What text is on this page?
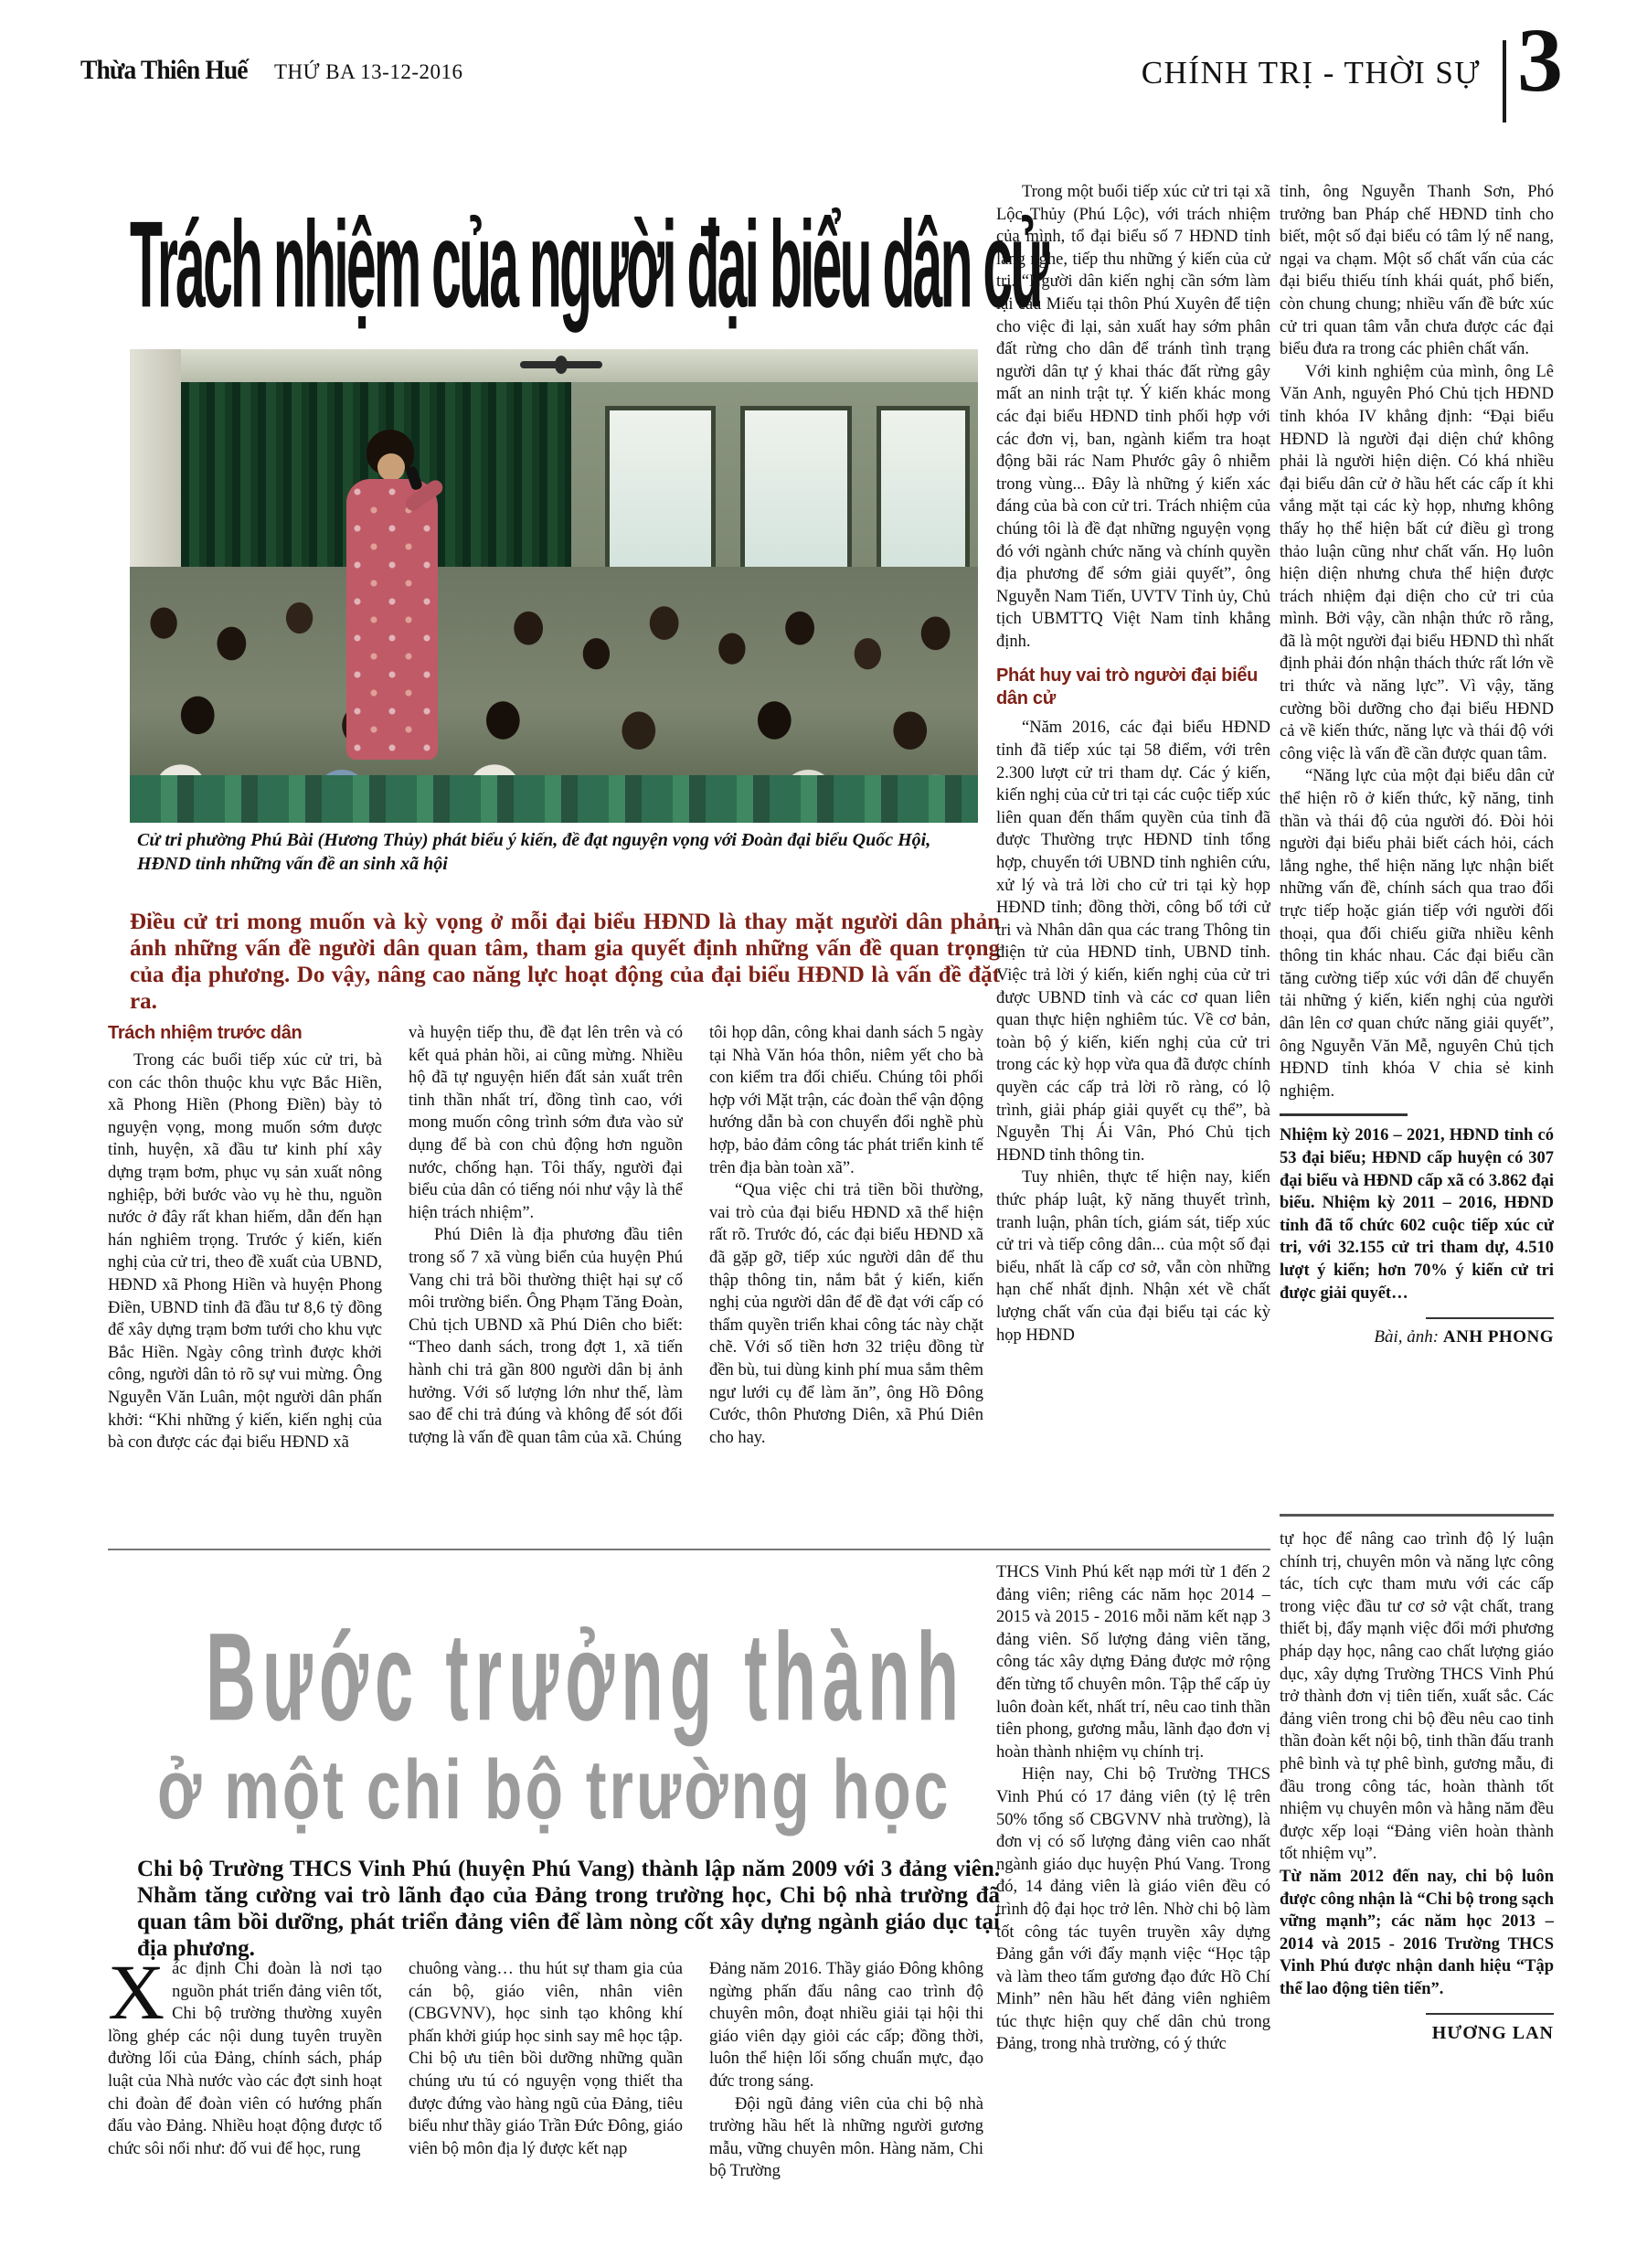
Thừa Thiên Huế THỨ BA 13-12-2016	CHÍNH TRỊ - THỜI SỰ 3
Trách nhiệm của người đại biểu dân cử
Cử tri phường Phú Bài (Hương Thủy) phát biểu ý kiến, đề đạt nguyện vọng với Đoàn đại biểu Quốc Hội, HĐND tỉnh những vấn đề an sinh xã hội
Điều cử tri mong muốn và kỳ vọng ở mỗi đại biểu HĐND là thay mặt người dân phản ánh những vấn đề người dân quan tâm, tham gia quyết định những vấn đề quan trọng của địa phương. Do vậy, nâng cao năng lực hoạt động của đại biểu HĐND là vấn đề đặt ra.
Trách nhiệm trước dân

Trong các buổi tiếp xúc cử tri, bà con các thôn thuộc khu vực Bắc Hiền, xã Phong Hiền (Phong Điền) bày tỏ nguyện vọng, mong muốn sớm được tỉnh, huyện, xã đầu tư kinh phí xây dựng trạm bơm, phục vụ sản xuất nông nghiệp, bởi bước vào vụ hè thu, nguồn nước ở đây rất khan hiếm, dẫn đến hạn hán nghiêm trọng. Trước ý kiến, kiến nghị của cử tri, theo đề xuất của UBND, HĐND xã Phong Hiền và huyện Phong Điền, UBND tỉnh đã đầu tư 8,6 tỷ đồng để xây dựng trạm bơm tưới cho khu vực Bắc Hiền. Ngày công trình được khởi công, người dân tỏ rõ sự vui mừng. Ông Nguyễn Văn Luân, một người dân phấn khởi: “Khi những ý kiến, kiến nghị của bà con được các đại biểu HĐND xã

và huyện tiếp thu, đề đạt lên trên và có kết quả phản hồi, ai cũng mừng. Nhiều hộ đã tự nguyện hiến đất sản xuất trên tinh thần nhất trí, đồng tình cao, với mong muốn công trình sớm đưa vào sử dụng để bà con chủ động hơn nguồn nước, chống hạn. Tôi thấy, người đại biểu của dân có tiếng nói như vậy là thể hiện trách nhiệm”.

Phú Diên là địa phương đầu tiên trong số 7 xã vùng biển của huyện Phú Vang chi trả bồi thường thiệt hại sự cố môi trường biển. Ông Phạm Tăng Đoàn, Chủ tịch UBND xã Phú Diên cho biết: “Theo danh sách, trong đợt 1, xã tiến hành chi trả gần 800 người dân bị ảnh hưởng. Với số lượng lớn như thế, làm sao để chi trả đúng và không để sót đối tượng là vấn đề quan tâm của xã. Chúng

tôi họp dân, công khai danh sách 5 ngày tại Nhà Văn hóa thôn, niêm yết cho bà con kiểm tra đối chiếu. Chúng tôi phối hợp với Mặt trận, các đoàn thể vận động hướng dẫn bà con chuyển đổi nghề phù hợp, bảo đảm công tác phát triển kinh tế trên địa bàn toàn xã”.

“Qua việc chi trả tiền bồi thường, vai trò của đại biểu HĐND xã thể hiện rất rõ. Trước đó, các đại biểu HĐND xã đã gặp gỡ, tiếp xúc người dân để thu thập thông tin, nắm bắt ý kiến, kiến nghị của người dân để đề đạt với cấp có thẩm quyền triển khai công tác này chặt chẽ. Với số tiền hơn 32 triệu đồng từ đền bù, tui dùng kinh phí mua sắm thêm ngư lưới cụ để làm ăn”, ông Hồ Đông Cước, thôn Phương Diên, xã Phú Diên cho hay.

Trong một buổi tiếp xúc cử tri tại xã Lộc Thủy (Phú Lộc), với trách nhiệm của mình, tổ đại biểu số 7 HĐND tỉnh lắng nghe, tiếp thu những ý kiến của cử tri. “Người dân kiến nghị cần sớm làm lại cầu Miếu tại thôn Phú Xuyên để tiện cho việc đi lại, sản xuất hay sớm phân đất rừng cho dân để tránh tình trạng người dân tự ý khai thác đất rừng gây mất an ninh trật tự. Ý kiến khác mong các đại biểu HĐND tỉnh phối hợp với các đơn vị, ban, ngành kiểm tra hoạt động bãi rác Nam Phước gây ô nhiễm trong vùng... Đây là những ý kiến xác đáng của bà con cử tri. Trách nhiệm của chúng tôi là đề đạt những nguyện vọng đó với ngành chức năng và chính quyền địa phương để sớm giải quyết”, ông Nguyễn Nam Tiến, UVTV Tỉnh ủy, Chủ tịch UBMTTQ Việt Nam tỉnh khẳng định.

Phát huy vai trò người đại biểu dân cử

“Năm 2016, các đại biểu HĐND tỉnh đã tiếp xúc tại 58 điểm, với trên 2.300 lượt cử tri tham dự. Các ý kiến, kiến nghị của cử tri tại các cuộc tiếp xúc liên quan đến thẩm quyền của tỉnh đã được Thường trực HĐND tỉnh tổng hợp, chuyển tới UBND tỉnh nghiên cứu, xử lý và trả lời cho cử tri tại kỳ họp HĐND tỉnh; đồng thời, công bố tới cử tri và Nhân dân qua các trang Thông tin điện tử của HĐND tỉnh, UBND tỉnh. Việc trả lời ý kiến, kiến nghị của cử tri được UBND tỉnh và các cơ quan liên quan thực hiện nghiêm túc. Về cơ bản, toàn bộ ý kiến, kiến nghị của cử tri trong các kỳ họp vừa qua đã được chính quyền các cấp trả lời rõ ràng, có lộ trình, giải pháp giải quyết cụ thể”, bà Nguyễn Thị Ái Vân, Phó Chủ tịch HĐND tỉnh thông tin.

Tuy nhiên, thực tế hiện nay, kiến thức pháp luật, kỹ năng thuyết trình, tranh luận, phân tích, giám sát, tiếp xúc cử tri và tiếp công dân... của một số đại biểu, nhất là cấp cơ sở, vẫn còn những hạn chế nhất định. Nhận xét về chất lượng chất vấn của đại biểu tại các kỳ họp HĐND

tỉnh, ông Nguyễn Thanh Sơn, Phó trưởng ban Pháp chế HĐND tỉnh cho biết, một số đại biểu có tâm lý nể nang, ngại va chạm. Một số chất vấn của các đại biểu thiếu tính khái quát, phổ biến, còn chung chung; nhiều vấn đề bức xúc cử tri quan tâm vẫn chưa được các đại biểu đưa ra trong các phiên chất vấn.

Với kinh nghiệm của mình, ông Lê Văn Anh, nguyên Phó Chủ tịch HĐND tỉnh khóa IV khẳng định: “Đại biểu HĐND là người đại diện chứ không phải là người hiện diện. Có khá nhiều đại biểu dân cử ở hầu hết các cấp ít khi vắng mặt tại các kỳ họp, nhưng không thấy họ thể hiện bất cứ điều gì trong thảo luận cũng như chất vấn. Họ luôn hiện diện nhưng chưa thể hiện được trách nhiệm đại diện cho cử tri của mình. Bởi vậy, cần nhận thức rõ rằng, đã là một người đại biểu HĐND thì nhất định phải đón nhận thách thức rất lớn về tri thức và năng lực”. Vì vậy, tăng cường bồi dưỡng cho đại biểu HĐND cả về kiến thức, năng lực và thái độ với công việc là vấn đề cần được quan tâm.

“Năng lực của một đại biểu dân cử thể hiện rõ ở kiến thức, kỹ năng, tinh thần và thái độ của người đó. Đòi hỏi người đại biểu phải biết cách hỏi, cách lắng nghe, thể hiện năng lực nhận biết những vấn đề, chính sách qua trao đổi trực tiếp hoặc gián tiếp với người đối thoại, qua đối chiếu giữa nhiều kênh thông tin khác nhau. Các đại biểu cần tăng cường tiếp xúc với dân để chuyển tải những ý kiến, kiến nghị của người dân lên cơ quan chức năng giải quyết”, ông Nguyễn Văn Mễ, nguyên Chủ tịch HĐND tỉnh khóa V chia sẻ kinh nghiệm.

Nhiệm kỳ 2016 – 2021, HĐND tỉnh có 53 đại biểu; HĐND cấp huyện có 307 đại biểu và HĐND cấp xã có 3.862 đại biểu. Nhiệm kỳ 2011 – 2016, HĐND tỉnh đã tổ chức 602 cuộc tiếp xúc cử tri, với 32.155 cử tri tham dự, 4.510 lượt ý kiến; hơn 70% ý kiến cử tri được giải quyết…

Bài, ảnh: ANH PHONG
Bước trưởng thành
ở một chi bộ trường học
Chi bộ Trường THCS Vinh Phú (huyện Phú Vang) thành lập năm 2009 với 3 đảng viên. Nhằm tăng cường vai trò lãnh đạo của Đảng trong trường học, Chi bộ nhà trường đã quan tâm bồi dưỡng, phát triển đảng viên để làm nòng cốt xây dựng ngành giáo dục tại địa phương.

Xác định Chi đoàn là nơi tạo nguồn phát triển đảng viên tốt, Chi bộ trường thường xuyên lồng ghép các nội dung tuyên truyền đường lối của Đảng, chính sách, pháp luật của Nhà nước vào các đợt sinh hoạt chi đoàn để đoàn viên có hướng phấn đấu vào Đảng. Nhiều hoạt động được tổ chức sôi nổi như: đố vui để học, rung

chuông vàng… thu hút sự tham gia của cán bộ, giáo viên, nhân viên (CBGVNV), học sinh tạo không khí phấn khởi giúp học sinh say mê học tập. Chi bộ ưu tiên bồi dưỡng những quần chúng ưu tú có nguyện vọng thiết tha được đứng vào hàng ngũ của Đảng, tiêu biểu như thầy giáo Trần Đức Đông, giáo viên bộ môn địa lý được kết nạp

Đảng năm 2016. Thầy giáo Đông không ngừng phấn đấu nâng cao trình độ chuyên môn, đoạt nhiều giải tại hội thi giáo viên dạy giỏi các cấp; đồng thời, luôn thể hiện lối sống chuẩn mực, đạo đức trong sáng.

Đội ngũ đảng viên của chi bộ nhà trường hầu hết là những người gương mẫu, vững chuyên môn. Hàng năm, Chi bộ Trường

THCS Vinh Phú kết nạp mới từ 1 đến 2 đảng viên; riêng các năm học 2014 – 2015 và 2015 - 2016 mỗi năm kết nạp 3 đảng viên. Số lượng đảng viên tăng, công tác xây dựng Đảng được mở rộng đến từng tổ chuyên môn. Tập thể cấp ủy luôn đoàn kết, nhất trí, nêu cao tinh thần tiên phong, gương mẫu, lãnh đạo đơn vị hoàn thành nhiệm vụ chính trị.

Hiện nay, Chi bộ Trường THCS Vinh Phú có 17 đảng viên (tỷ lệ trên 50% tổng số CBGVNV nhà trường), là đơn vị có số lượng đảng viên cao nhất ngành giáo dục huyện Phú Vang. Trong đó, 14 đảng viên là giáo viên đều có trình độ đại học trở lên. Nhờ chi bộ làm tốt công tác tuyên truyền xây dựng Đảng gắn với đẩy mạnh việc “Học tập và làm theo tấm gương đạo đức Hồ Chí Minh” nên hầu hết đảng viên nghiêm túc thực hiện quy chế dân chủ trong Đảng, trong nhà trường, có ý thức

tự học để nâng cao trình độ lý luận chính trị, chuyên môn và năng lực công tác, tích cực tham mưu với các cấp trong việc đầu tư cơ sở vật chất, trang thiết bị, đẩy mạnh việc đổi mới phương pháp dạy học, nâng cao chất lượng giáo dục, xây dựng Trường THCS Vinh Phú trở thành đơn vị tiên tiến, xuất sắc. Các đảng viên trong chi bộ đều nêu cao tinh thần đoàn kết nội bộ, tinh thần đấu tranh phê bình và tự phê bình, gương mẫu, đi đầu trong công tác, hoàn thành tốt nhiệm vụ chuyên môn và hằng năm đều được xếp loại “Đảng viên hoàn thành tốt nhiệm vụ”.

Từ năm 2012 đến nay, chi bộ luôn được công nhận là “Chi bộ trong sạch vững mạnh”; các năm học 2013 – 2014 và 2015 - 2016 Trường THCS Vinh Phú được nhận danh hiệu “Tập thể lao động tiên tiến”.

HƯƠNG LAN
